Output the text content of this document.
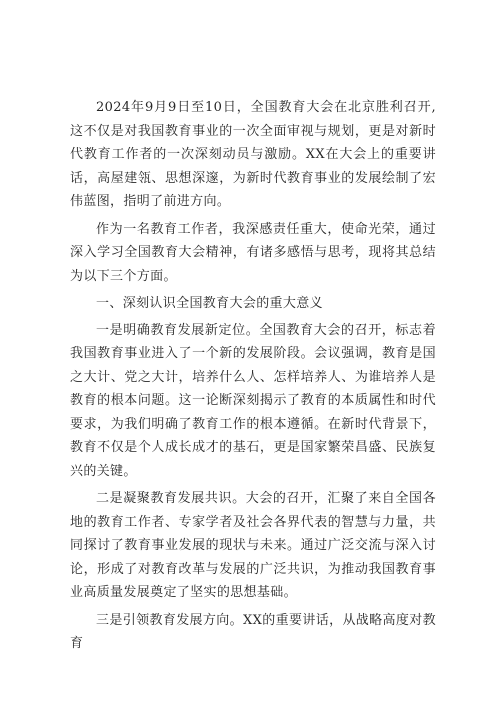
2024年9月9日至10日，全国教育大会在北京胜利召开,这不仅是对我国教育事业的一次全面审视与规划，更是对新时代教育工作者的一次深刻动员与激励。XX在大会上的重要讲话，高屋建瓴、思想深邃，为新时代教育事业的发展绘制了宏伟蓝图，指明了前进方向。

作为一名教育工作者，我深感责任重大，使命光荣，通过深入学习全国教育大会精神，有诸多感悟与思考，现将其总结为以下三个方面。

一、深刻认识全国教育大会的重大意义

一是明确教育发展新定位。全国教育大会的召开，标志着我国教育事业进入了一个新的发展阶段。会议强调，教育是国之大计、党之大计，培养什么人、怎样培养人、为谁培养人是教育的根本问题。这一论断深刻揭示了教育的本质属性和时代要求，为我们明确了教育工作的根本遵循。在新时代背景下，教育不仅是个人成长成才的基石，更是国家繁荣昌盛、民族复兴的关键。

二是凝聚教育发展共识。大会的召开，汇聚了来自全国各地的教育工作者、专家学者及社会各界代表的智慧与力量，共同探讨了教育事业发展的现状与未来。通过广泛交流与深入讨论，形成了对教育改革与发展的广泛共识，为推动我国教育事业高质量发展奠定了坚实的思想基础。

三是引领教育发展方向。XX的重要讲话，从战略高度对教育
